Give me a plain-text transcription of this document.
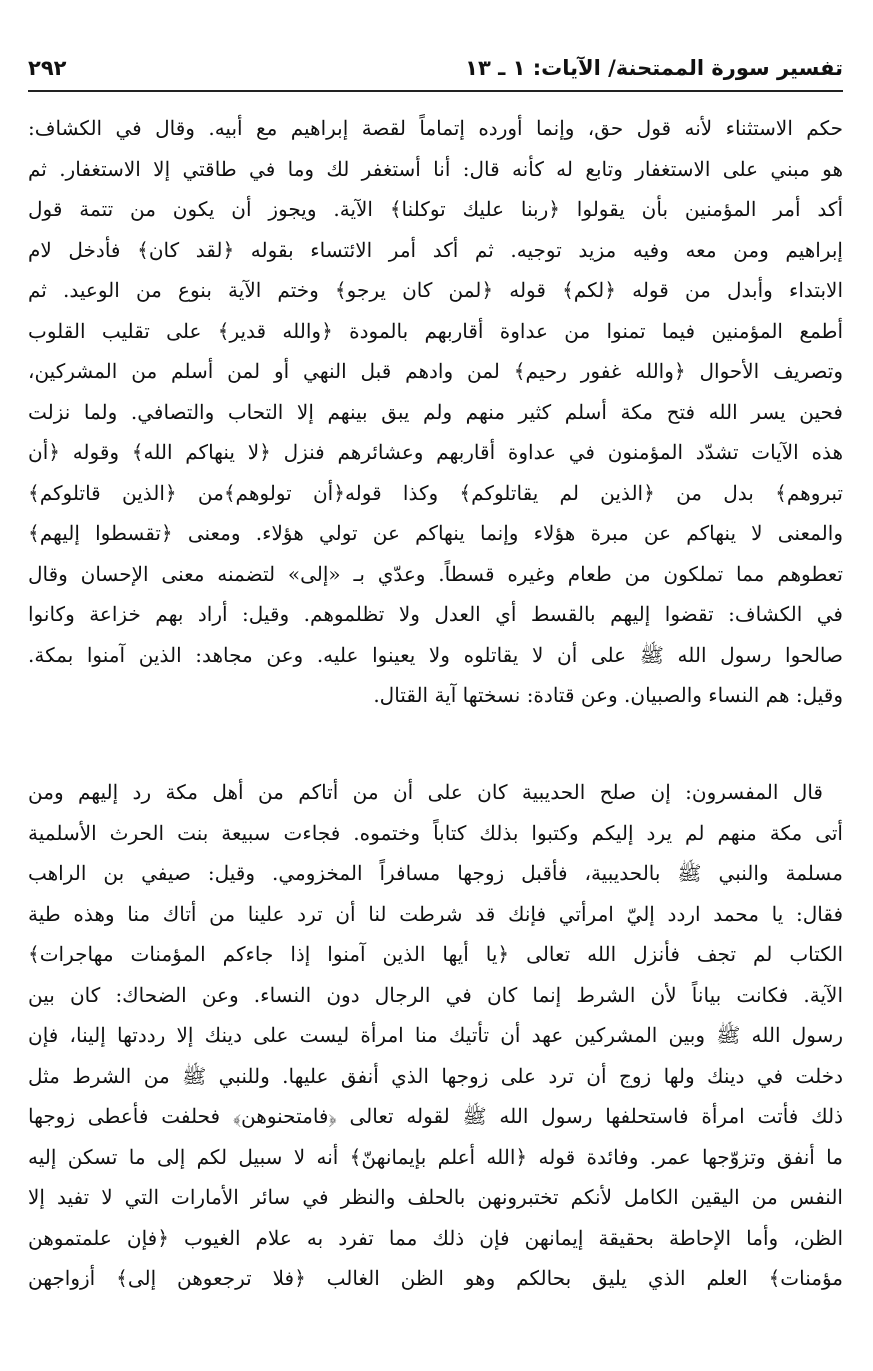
تفسير سورة الممتحنة/ الآيات: ١ ـ ١٣
٢٩٢
حكم الاستثناء لأنه قول حق، وإنما أورده إتماماً لقصة إبراهيم مع أبيه. وقال في الكشاف:
هو مبني على الاستغفار وتابع له كأنه قال: أنا أستغفر لك وما في طاقتي إلا الاستغفار. ثم
أكد أمر المؤمنين بأن يقولوا ﴿ربنا عليك توكلنا﴾ الآية. ويجوز أن يكون من تتمة قول
إبراهيم ومن معه وفيه مزيد توجيه. ثم أكد أمر الائتساء بقوله ﴿لقد كان﴾ فأدخل لام
الابتداء وأبدل من قوله ﴿لكم﴾ قوله ﴿لمن كان يرجو﴾ وختم الآية بنوع من الوعيد. ثم
أطمع المؤمنين فيما تمنوا من عداوة أقاربهم بالمودة ﴿والله قدير﴾ على تقليب القلوب
وتصريف الأحوال ﴿والله غفور رحيم﴾ لمن وادهم قبل النهي أو لمن أسلم من المشركين،
فحين يسر الله فتح مكة أسلم كثير منهم ولم يبق بينهم إلا التحاب والتصافي. ولما نزلت
هذه الآيات تشدّد المؤمنون في عداوة أقاربهم وعشائرهم فنزل ﴿لا ينهاكم الله﴾ وقوله ﴿أن
تبروهم﴾ بدل من ﴿الذين لم يقاتلوكم﴾ وكذا قوله﴿أن تولوهم﴾من ﴿الذين قاتلوكم﴾
والمعنى لا ينهاكم عن مبرة هؤلاء وإنما ينهاكم عن تولي هؤلاء. ومعنى ﴿تقسطوا إليهم﴾
تعطوهم مما تملكون من طعام وغيره قسطاً. وعدّي بـ «إلى» لتضمنه معنى الإحسان وقال
في الكشاف: تقضوا إليهم بالقسط أي العدل ولا تظلموهم. وقيل: أراد بهم خزاعة وكانوا
صالحوا رسول الله ﷺ على أن لا يقاتلوه ولا يعينوا عليه. وعن مجاهد: الذين آمنوا بمكة.
وقيل: هم النساء والصبيان. وعن قتادة: نسختها آية القتال.
قال المفسرون: إن صلح الحديبية كان على أن من أتاكم من أهل مكة رد إليهم ومن
أتى مكة منهم لم يرد إليكم وكتبوا بذلك كتاباً وختموه. فجاءت سبيعة بنت الحرث الأسلمية
مسلمة والنبي ﷺ بالحديبية، فأقبل زوجها مسافراً المخزومي. وقيل: صيفي بن الراهب
فقال: يا محمد اردد إليّ امرأتي فإنك قد شرطت لنا أن ترد علينا من أتاك منا وهذه طية
الكتاب لم تجف فأنزل الله تعالى ﴿يا أيها الذين آمنوا إذا جاءكم المؤمنات مهاجرات﴾
الآية. فكانت بياناً لأن الشرط إنما كان في الرجال دون النساء. وعن الضحاك: كان بين
رسول الله ﷺ وبين المشركين عهد أن تأتيك منا امرأة ليست على دينك إلا رددتها إلينا، فإن
دخلت في دينك ولها زوج أن ترد على زوجها الذي أنفق عليها. وللنبي ﷺ من الشرط مثل
ذلك فأتت امرأة فاستحلفها رسول الله ﷺ لقوله تعالى ﴿فامتحنوهن﴾ فحلفت فأعطى زوجها
ما أنفق وتزوّجها عمر. وفائدة قوله ﴿الله أعلم بإيمانهنّ﴾ أنه لا سبيل لكم إلى ما تسكن إليه
النفس من اليقين الكامل لأنكم تختبرونهن بالحلف والنظر في سائر الأمارات التي لا تفيد إلا
الظن، وأما الإحاطة بحقيقة إيمانهن فإن ذلك مما تفرد به علام الغيوب ﴿فإن علمتموهن
مؤمنات﴾ العلم الذي يليق بحالكم وهو الظن الغالب ﴿فلا ترجعوهن إلى﴾ أزواجهن
